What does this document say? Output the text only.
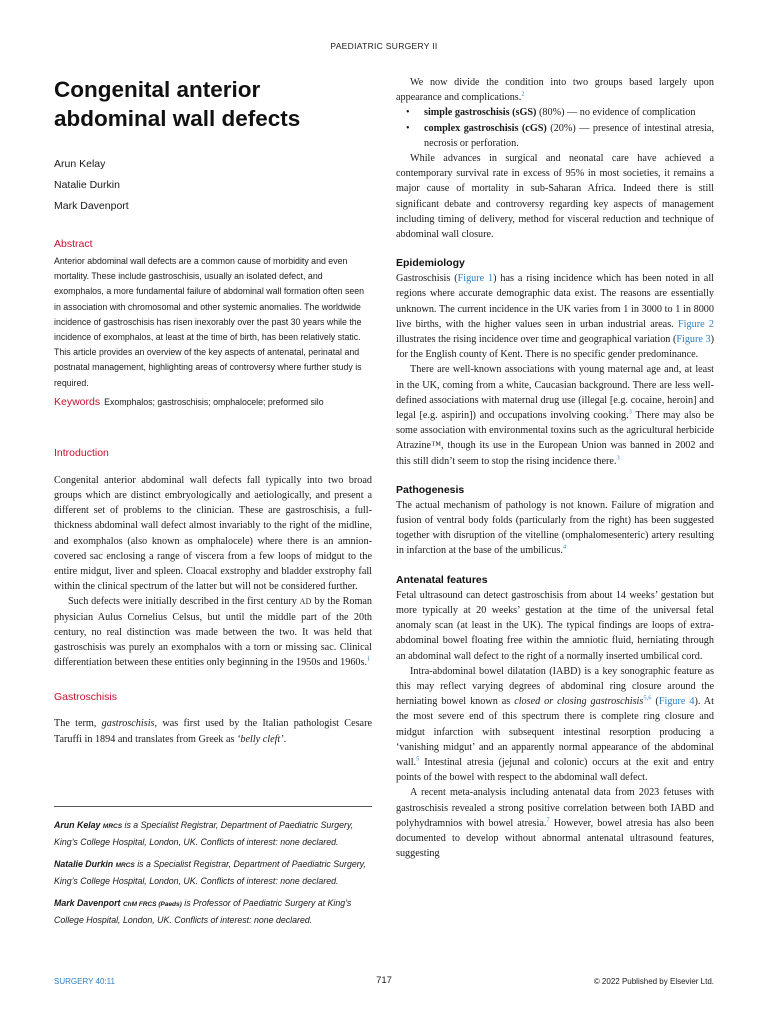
PAEDIATRIC SURGERY II
Congenital anterior abdominal wall defects
Arun Kelay
Natalie Durkin
Mark Davenport
Abstract

Anterior abdominal wall defects are a common cause of morbidity and even mortality. These include gastroschisis, usually an isolated defect, and exomphalos, a more fundamental failure of abdominal wall formation often seen in association with chromosomal and other systemic anomalies. The worldwide incidence of gastroschisis has risen inexorably over the past 30 years while the incidence of exomphalos, at least at the time of birth, has been relatively static. This article provides an overview of the key aspects of antenatal, perinatal and postnatal management, highlighting areas of controversy where further study is required.

Keywords Exomphalos; gastroschisis; omphalocele; preformed silo
Introduction

Congenital anterior abdominal wall defects fall typically into two broad groups which are distinct embryologically and aetiologically, and present a different set of problems to the clinician. These are gastroschisis, a full-thickness abdominal wall defect almost invariably to the right of the midline, and exomphalos (also known as omphalocele) where there is an amnion-covered sac enclosing a range of viscera from a few loops of midgut to the entire midgut, liver and spleen. Cloacal exstrophy and bladder exstrophy fall within the clinical spectrum of the latter but will not be considered further.

Such defects were initially described in the first century AD by the Roman physician Aulus Cornelius Celsus, but until the middle part of the 20th century, no real distinction was made between the two. It was held that gastroschisis was purely an exomphalos with a torn or missing sac. Clinical differentiation between these entities only beginning in the 1950s and 1960s.$^1$

Gastroschisis

The term, gastroschisis, was first used by the Italian pathologist Cesare Taruffi in 1894 and translates from Greek as ‘belly cleft’.

Arun Kelay MRCS is a Specialist Registrar, Department of Paediatric Surgery, King’s College Hospital, London, UK. Conflicts of interest: none declared.

Natalie Durkin MRCS is a Specialist Registrar, Department of Paediatric Surgery, King’s College Hospital, London, UK. Conflicts of interest: none declared.

Mark Davenport ChM FRCS (Paeds) is Professor of Paediatric Surgery at King’s College Hospital, London, UK. Conflicts of interest: none declared.

We now divide the condition into two groups based largely upon appearance and complications.$^2$

• simple gastroschisis (sGS) (80%) — no evidence of complication
• complex gastroschisis (cGS) (20%) — presence of intestinal atresia, necrosis or perforation.

While advances in surgical and neonatal care have achieved a contemporary survival rate in excess of 95% in most societies, it remains a major cause of mortality in sub-Saharan Africa. Indeed there is still significant debate and controversy regarding key aspects of management including timing of delivery, method for visceral reduction and technique of abdominal wall closure.

Epidemiology

Gastroschisis (Figure 1) has a rising incidence which has been noted in all regions where accurate demographic data exist. The reasons are essentially unknown. The current incidence in the UK varies from 1 in 3000 to 1 in 8000 live births, with the higher values seen in urban industrial areas. Figure 2 illustrates the rising incidence over time and geographical variation (Figure 3) for the English county of Kent. There is no specific gender predominance.

There are well-known associations with young maternal age and, at least in the UK, coming from a white, Caucasian background. There are less well-defined associations with maternal drug use (illegal [e.g. cocaine, heroin] and legal [e.g. aspirin]) and occupations involving cooking.$^3$ There may also be some association with environmental toxins such as the agricultural herbicide Atrazine™, though its use in the European Union was banned in 2002 and this still didn’t seem to stop the rising incidence there.$^3$

Pathogenesis

The actual mechanism of pathology is not known. Failure of migration and fusion of ventral body folds (particularly from the right) has been suggested together with disruption of the vitelline (omphalomesenteric) artery resulting in infarction at the base of the umbilicus.$^4$

Antenatal features

Fetal ultrasound can detect gastroschisis from about 14 weeks’ gestation but more typically at 20 weeks’ gestation at the time of the universal fetal anomaly scan (at least in the UK). The typical findings are loops of extra-abdominal bowel floating free within the amniotic fluid, herniating through an abdominal wall defect to the right of a normally inserted umbilical cord.

Intra-abdominal bowel dilatation (IABD) is a key sonographic feature as this may reflect varying degrees of abdominal ring closure around the herniating bowel known as closed or closing gastroschisis$^{5,6}$ (Figure 4). At the most severe end of this spectrum there is complete ring closure and midgut infarction with subsequent intestinal resorption producing a ‘vanishing midgut’ and an apparently normal appearance of the abdominal wall.$^5$ Intestinal atresia (jejunal and colonic) occurs at the exit and entry points of the bowel with respect to the abdominal wall defect.

A recent meta-analysis including antenatal data from 2023 fetuses with gastroschisis revealed a strong positive correlation between both IABD and polyhydramnios with bowel atresia.$^7$ However, bowel atresia has also been documented to develop without abnormal antenatal ultrasound features, suggesting

SURGERY 40:11	717	© 2022 Published by Elsevier Ltd.
